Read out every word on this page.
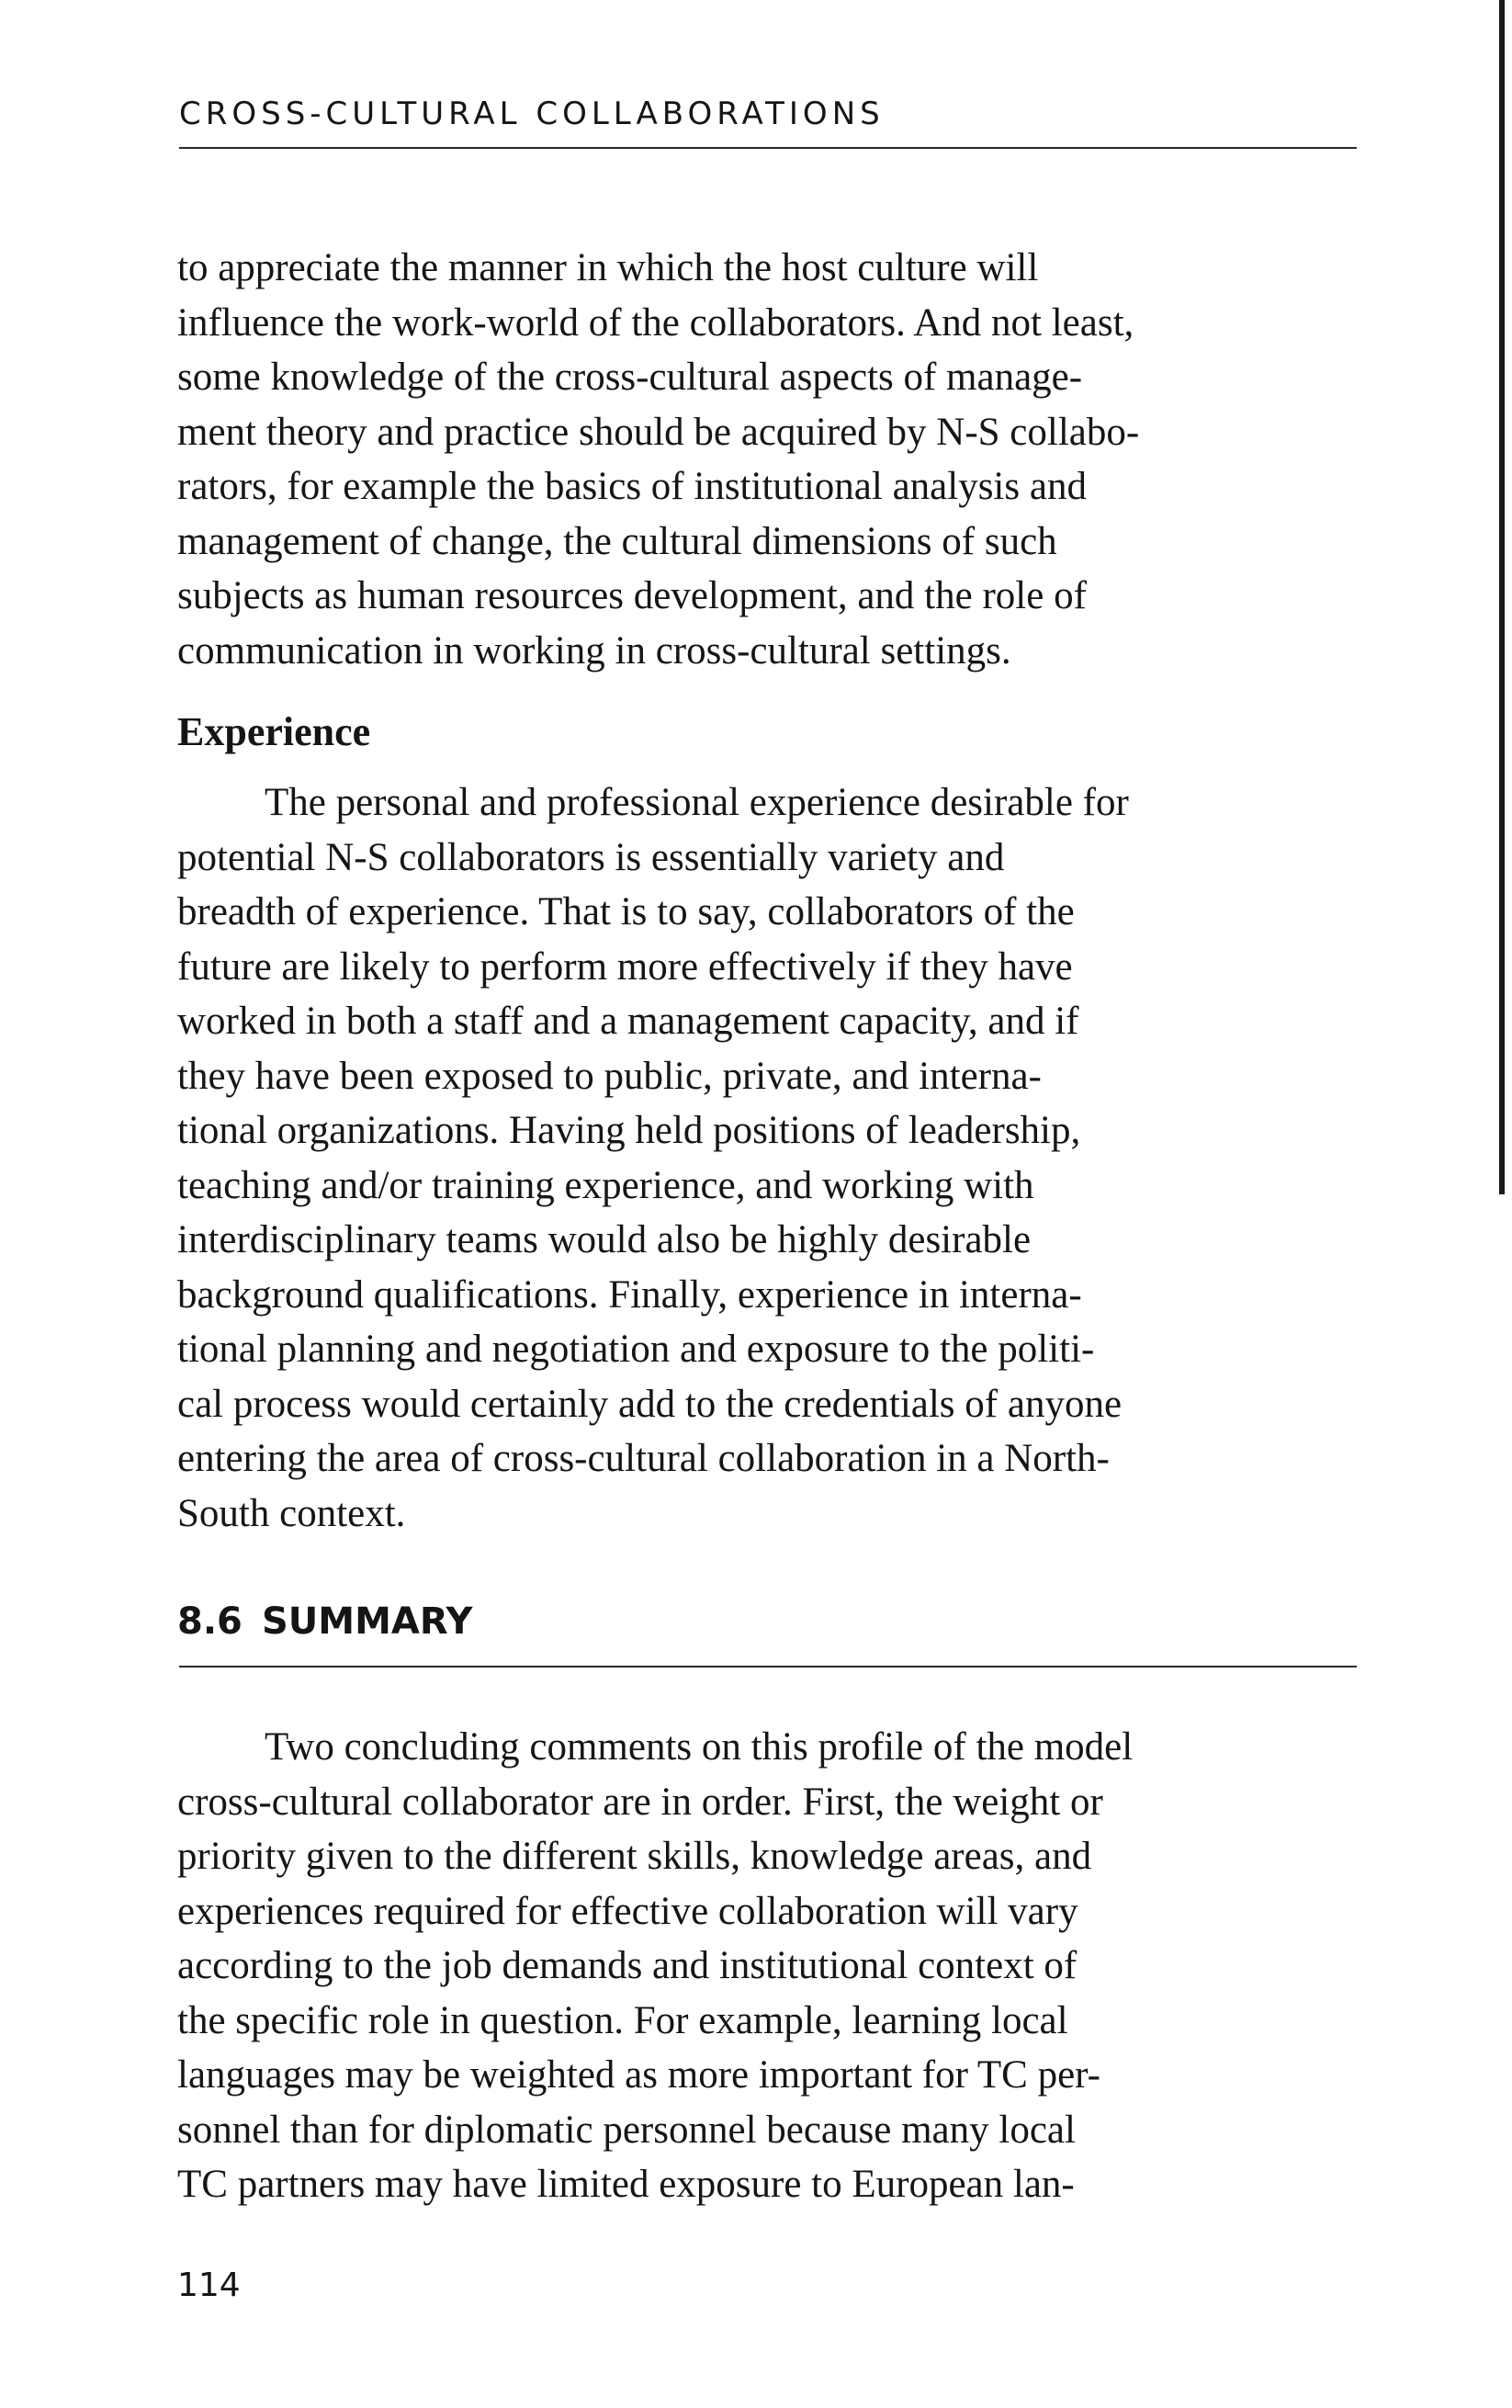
CROSS-CULTURAL COLLABORATIONS

to appreciate the manner in which the host culture will

influence the work-world of the collaborators. And not least,

some knowledge of the cross-cultural aspects of manage-

ment theory and practice should be acquired by N-S collabo-

rators, for example the basics of institutional analysis and

management of change, the cultural dimensions of such

subjects as human resources development, and the role of

communication in working in cross-cultural settings.

Experience

The personal and professional experience desirable for

potential N-S collaborators is essentially variety and

breadth of experience. That is to say, collaborators of the

future are likely to perform more effectively if they have

worked in both a staff and a management capacity, and if

they have been exposed to public, private, and interna-

tional organizations. Having held positions of leadership,

teaching and/or training experience, and working with

interdisciplinary teams would also be highly desirable

background qualifications. Finally, experience in interna-

tional planning and negotiation and exposure to the politi-

cal process would certainly add to the credentials of anyone

entering the area of cross-cultural collaboration in a North-

South context.

8.6 SUMMARY

Two concluding comments on this profile of the model

cross-cultural collaborator are in order. First, the weight or

priority given to the different skills, knowledge areas, and

experiences required for effective collaboration will vary

according to the job demands and institutional context of

the specific role in question. For example, learning local

languages may be weighted as more important for TC per-

sonnel than for diplomatic personnel because many local

TC partners may have limited exposure to European lan-

114
